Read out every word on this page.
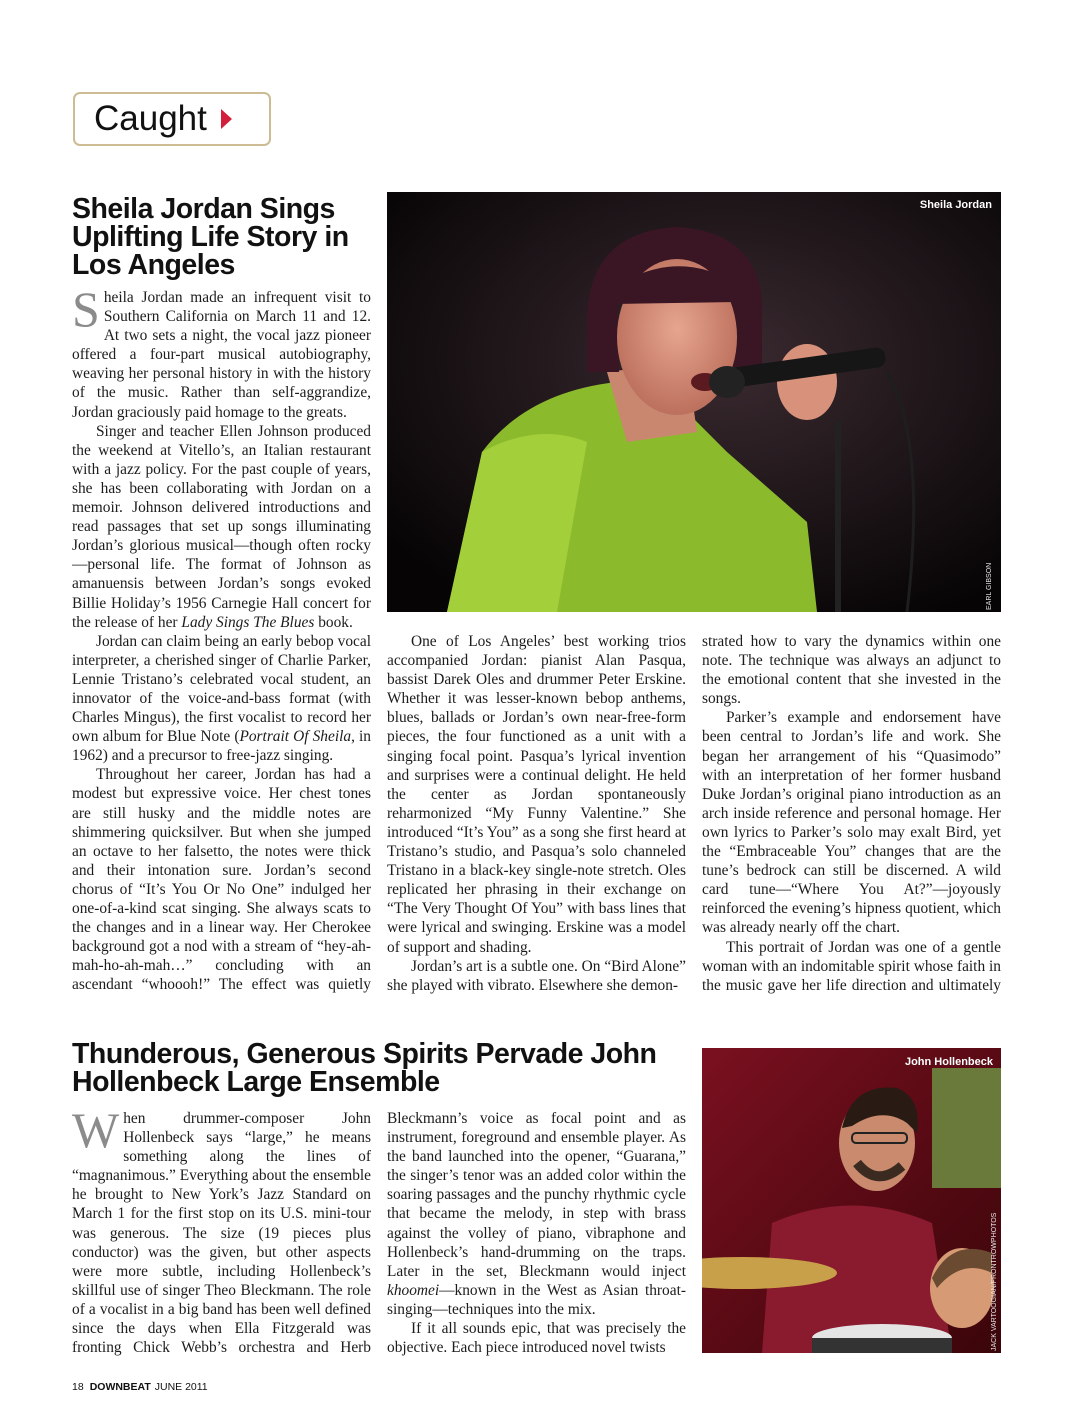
Caught
Sheila Jordan Sings Uplifting Life Story in Los Angeles
Sheila Jordan
EARL GIBSON

Sheila Jordan made an infrequent visit to Southern California on March 11 and 12. At two sets a night, the vocal jazz pioneer offered a four-part musical autobiography, weaving her personal history in with the history of the music. Rather than self-aggrandize, Jordan graciously paid homage to the greats.

Singer and teacher Ellen Johnson produced the weekend at Vitello’s, an Italian restaurant with a jazz policy. For the past couple of years, she has been collaborating with Jordan on a memoir. Johnson delivered introductions and read passages that set up songs illuminating Jordan’s glorious musical—though often rocky—personal life. The format of Johnson as amanuensis between Jordan’s songs evoked Billie Holiday’s 1956 Carnegie Hall concert for the release of her Lady Sings The Blues book.

Jordan can claim being an early bebop vocal interpreter, a cherished singer of Charlie Parker, Lennie Tristano’s celebrated vocal student, an innovator of the voice-and-bass format (with Charles Mingus), the first vocalist to record her own album for Blue Note (Portrait Of Sheila, in 1962) and a precursor to free-jazz singing.

Throughout her career, Jordan has had a modest but expressive voice. Her chest tones are still husky and the middle notes are shimmering quicksilver. But when she jumped an octave to her falsetto, the notes were thick and their intonation sure. Jordan’s second chorus of “It’s You Or No One” indulged her one-of-a-kind scat singing. She always scats to the changes and in a linear way. Her Cherokee background got a nod with a stream of “hey-ah-mah-ho-ah-mah…” concluding with an ascendant “whoooh!” The effect was quietly

One of Los Angeles’ best working trios accompanied Jordan: pianist Alan Pasqua, bassist Darek Oles and drummer Peter Erskine. Whether it was lesser-known bebop anthems, blues, ballads or Jordan’s own near-free-form pieces, the four functioned as a unit with a singing focal point. Pasqua’s lyrical invention and surprises were a continual delight. He held the center as Jordan spontaneously reharmonized “My Funny Valentine.” She introduced “It’s You” as a song she first heard at Tristano’s studio, and Pasqua’s solo channeled Tristano in a black-key single-note stretch. Oles replicated her phrasing in their exchange on “The Very Thought Of You” with bass lines that were lyrical and swinging. Erskine was a model of support and shading.

Jordan’s art is a subtle one. On “Bird Alone” she played with vibrato. Elsewhere she demon-

strated how to vary the dynamics within one note. The technique was always an adjunct to the emotional content that she invested in the songs.

Parker’s example and endorsement have been central to Jordan’s life and work. She began her arrangement of his “Quasimodo” with an interpretation of her former husband Duke Jordan’s original piano introduction as an arch inside reference and personal homage. Her own lyrics to Parker’s solo may exalt Bird, yet the “Embraceable You” changes that are the tune’s bedrock can still be discerned. A wild card tune—“Where You At?”—joyously reinforced the evening’s hipness quotient, which was already nearly off the chart.

This portrait of Jordan was one of a gentle woman with an indomitable spirit whose faith in the music gave her life direction and ultimately

Thunderous, Generous Spirits Pervade John Hollenbeck Large Ensemble
John Hollenbeck
JACK VARTOOGIAN/FRONTROWPHOTOS

When drummer-composer John Hollenbeck says “large,” he means something along the lines of “magnanimous.” Everything about the ensemble he brought to New York’s Jazz Standard on March 1 for the first stop on its U.S. mini-tour was generous. The size (19 pieces plus conductor) was the given, but other aspects were more subtle, including Hollenbeck’s skillful use of singer Theo Bleckmann. The role of a vocalist in a big band has been well defined since the days when Ella Fitzgerald was fronting Chick Webb’s orchestra and Herb

Bleckmann’s voice as focal point and as instrument, foreground and ensemble player. As the band launched into the opener, “Guarana,” the singer’s tenor was an added color within the soaring passages and the punchy rhythmic cycle that became the melody, in step with brass against the volley of piano, vibraphone and Hollenbeck’s hand-drumming on the traps. Later in the set, Bleckmann would inject khoomei—known in the West as Asian throat-singing—techniques into the mix.

If it all sounds epic, that was precisely the objective. Each piece introduced novel twists

18 DOWNBEAT JUNE 2011
